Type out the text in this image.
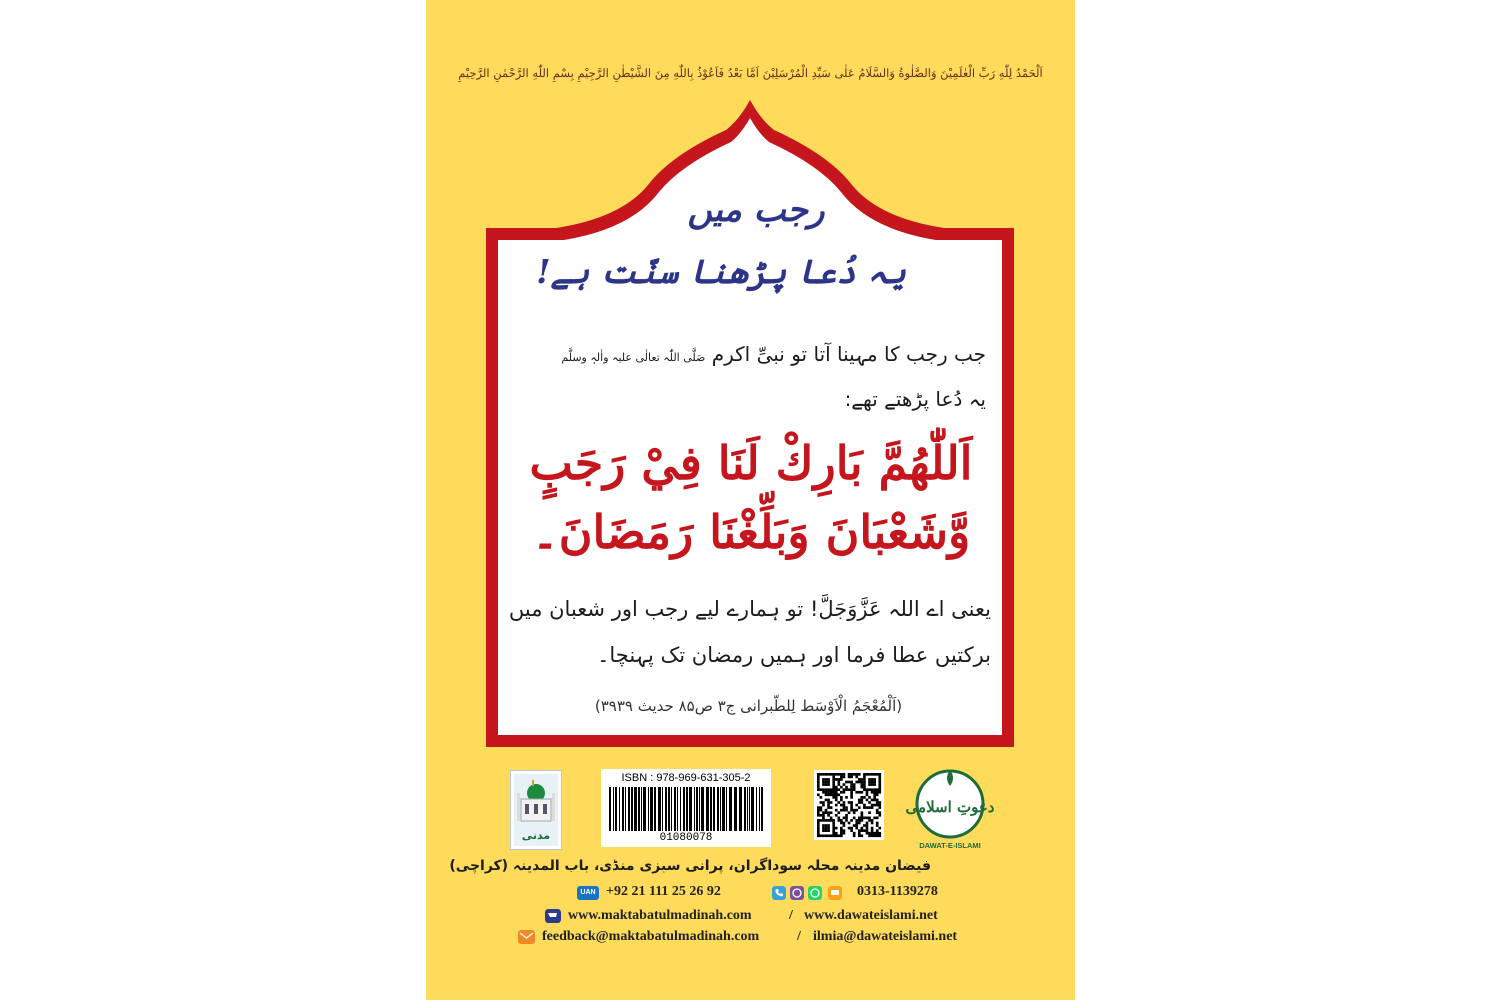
اَلْحَمْدُ لِلّٰهِ رَبِّ الْعٰلَمِیْنَ وَالصَّلٰوةُ وَالسَّلَامُ عَلٰی سَیِّدِ الْمُرْسَلِیْنَ اَمَّا بَعْدُ فَاَعُوْذُ بِاللّٰهِ مِنَ الشَّیْطٰنِ الرَّجِیْمِ بِسْمِ اللّٰهِ الرَّحْمٰنِ الرَّحِیْمِ
رجب میں
یہ دُعا پڑھنا سنّت ہے!
جب رجب کا مہینا آتا تو نبیِّ اکرم صَلَّی اللّٰہ تعالٰی علیہ واٰلہٖ وسلَّم
یہ دُعا پڑھتے تھے:
اَللّٰهُمَّ بَارِكْ لَنَا فِيْ رَجَبٍ
وَّشَعْبَانَ وَبَلِّغْنَا رَمَضَانَ۔
یعنی اے اللہ عَزَّوَجَلَّ! تو ہمارے لیے رجب اور شعبان میں
برکتیں عطا فرما اور ہمیں رمضان تک پہنچا۔
(اَلْمُعْجَمُ الْاَوْسَط لِلطّبرانی ج۳ ص۸۵ حدیث ۳۹۳۹)
مدنی
ISBN : 978-969-631-305-2
01080078
دعوتِ اسلامی
DAWAT-E-ISLAMI
فیضان مدینہ محلہ سوداگران، پرانی سبزی منڈی، باب المدینہ (کراچی)
UAN +92 21 111 25 26 92	0313-1139278
www.maktabatulmadinah.com	/ www.dawateislami.net
feedback@maktabatulmadinah.com	/ ilmia@dawateislami.net
